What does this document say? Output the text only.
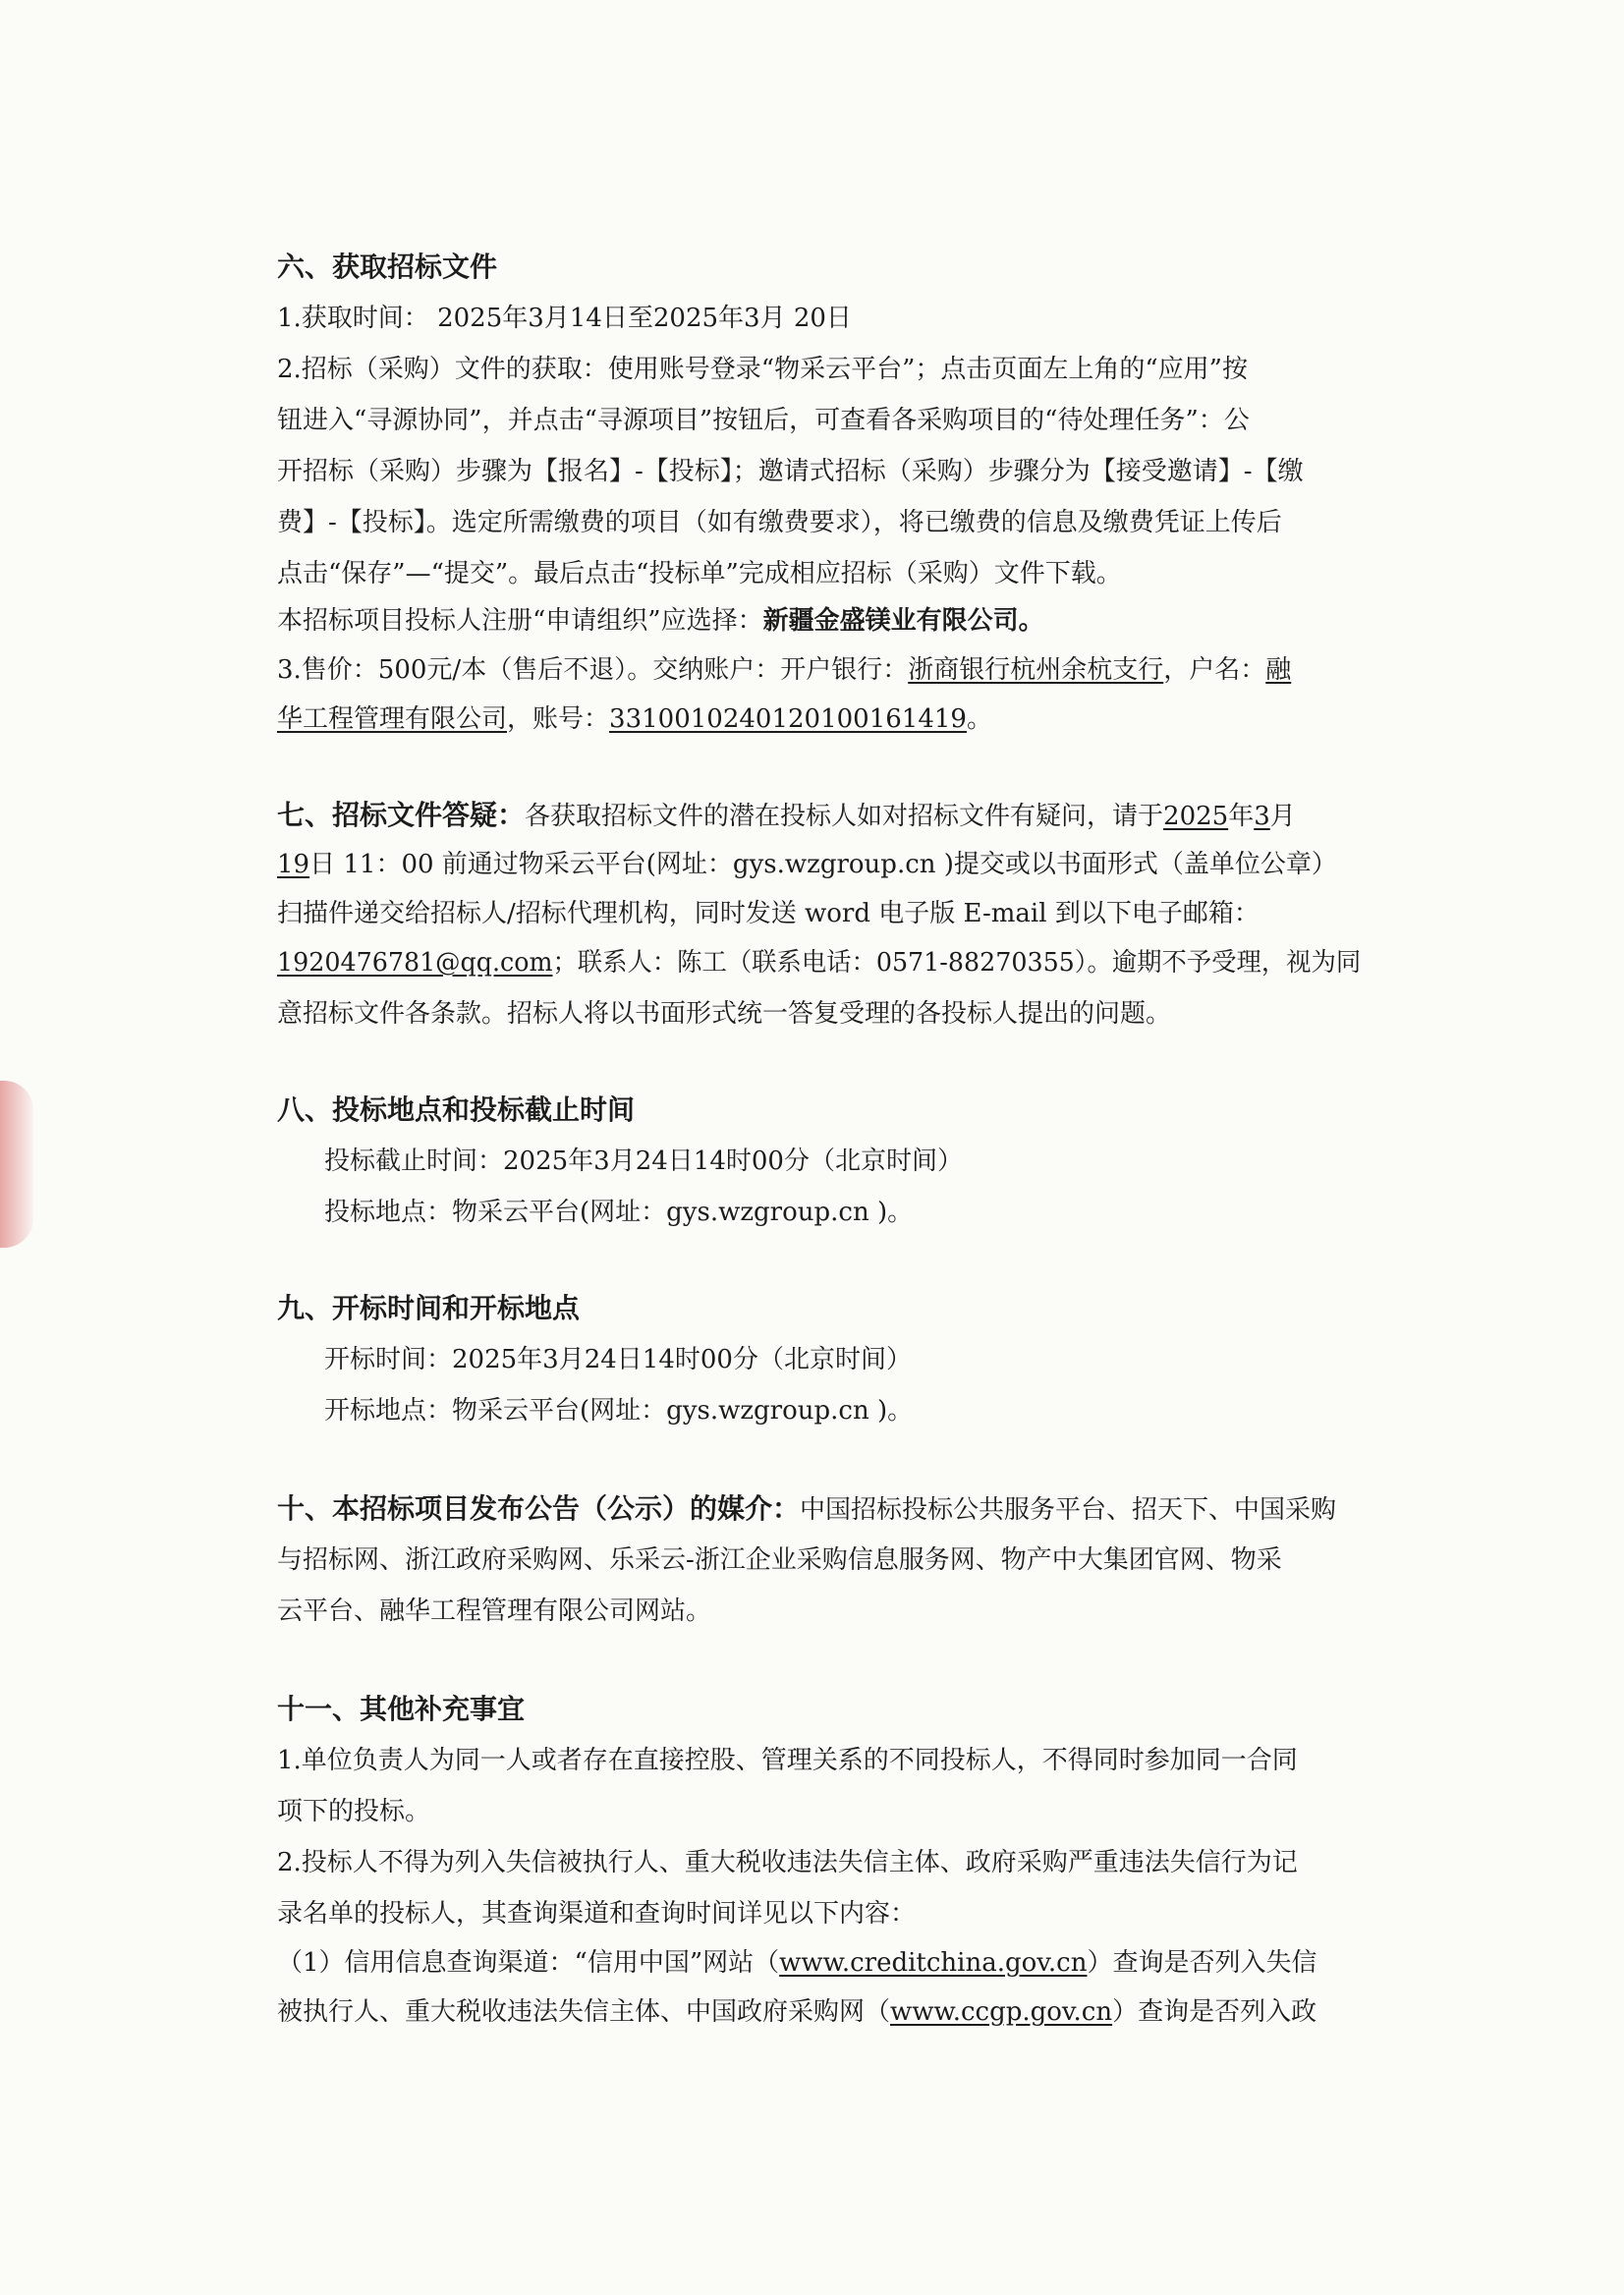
六、获取招标文件
1.获取时间： 2025年3月14日至2025年3月 20日
2.招标（采购）文件的获取：使用账号登录“物采云平台”；点击页面左上角的“应用”按
钮进入“寻源协同”，并点击“寻源项目”按钮后，可查看各采购项目的“待处理任务”：公
开招标（采购）步骤为【报名】-【投标】；邀请式招标（采购）步骤分为【接受邀请】-【缴
费】-【投标】。选定所需缴费的项目（如有缴费要求），将已缴费的信息及缴费凭证上传后
点击“保存”—“提交”。最后点击“投标单”完成相应招标（采购）文件下载。
本招标项目投标人注册“申请组织”应选择：新疆金盛镁业有限公司。
3.售价：500元/本（售后不退）。交纳账户：开户银行：浙商银行杭州余杭支行，户名：融
华工程管理有限公司，账号：3310010240120100161419。
七、招标文件答疑：各获取招标文件的潜在投标人如对招标文件有疑问，请于2025年3月
19日 11：00 前通过物采云平台(网址：gys.wzgroup.cn )提交或以书面形式（盖单位公章）
扫描件递交给招标人/招标代理机构，同时发送 word 电子版 E-mail 到以下电子邮箱：
1920476781@qq.com；联系人：陈工（联系电话：0571-88270355）。逾期不予受理，视为同
意招标文件各条款。招标人将以书面形式统一答复受理的各投标人提出的问题。
八、投标地点和投标截止时间
投标截止时间：2025年3月24日14时00分（北京时间）
投标地点：物采云平台(网址：gys.wzgroup.cn )。
九、开标时间和开标地点
开标时间：2025年3月24日14时00分（北京时间）
开标地点：物采云平台(网址：gys.wzgroup.cn )。
十、本招标项目发布公告（公示）的媒介：中国招标投标公共服务平台、招天下、中国采购
与招标网、浙江政府采购网、乐采云-浙江企业采购信息服务网、物产中大集团官网、物采
云平台、融华工程管理有限公司网站。
十一、其他补充事宜
1.单位负责人为同一人或者存在直接控股、管理关系的不同投标人，不得同时参加同一合同
项下的投标。
2.投标人不得为列入失信被执行人、重大税收违法失信主体、政府采购严重违法失信行为记
录名单的投标人，其查询渠道和查询时间详见以下内容：
（1）信用信息查询渠道：“信用中国”网站（www.creditchina.gov.cn）查询是否列入失信
被执行人、重大税收违法失信主体、中国政府采购网（www.ccgp.gov.cn）查询是否列入政
